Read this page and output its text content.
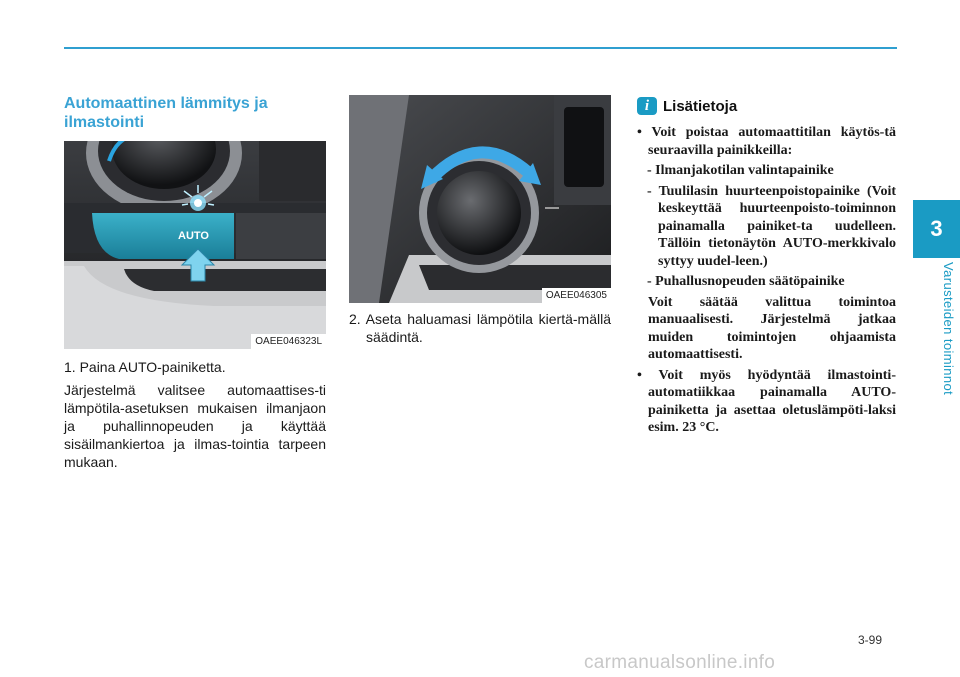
3
Varusteiden toiminnot
Automaattinen lämmitys ja ilmastointi
AUTO
OAEE046323L
OAEE046305

1. Paina AUTO-painiketta.

Järjestelmä valitsee automaattises-ti lämpötila-asetuksen mukaisen ilmanjaon ja puhallinnopeuden ja käyttää sisäilmankiertoa ja ilmas-tointia tarpeen mukaan.

2. Aseta haluamasi lämpötila kiertä-mällä säädintä.

i Lisätietoja
• Voit poistaa automaattitilan käytös-tä seuraavilla painikkeilla:
- Ilmanjakotilan valintapainike
- Tuulilasin huurteenpoistopainike (Voit keskeyttää huurteenpoisto-toiminnon painamalla painiket-ta uudelleen. Tällöin tietonäytön AUTO-merkkivalo syttyy uudel-leen.)
- Puhallusnopeuden säätöpainike
Voit säätää valittua toimintoa manuaalisesti. Järjestelmä jatkaa muiden toimintojen ohjaamista automaattisesti.
• Voit myös hyödyntää ilmastointi-automatiikkaa painamalla AUTO-painiketta ja asettaa oletuslämpöti-laksi esim. 23 °C.
3-99
carmanualsonline.info
